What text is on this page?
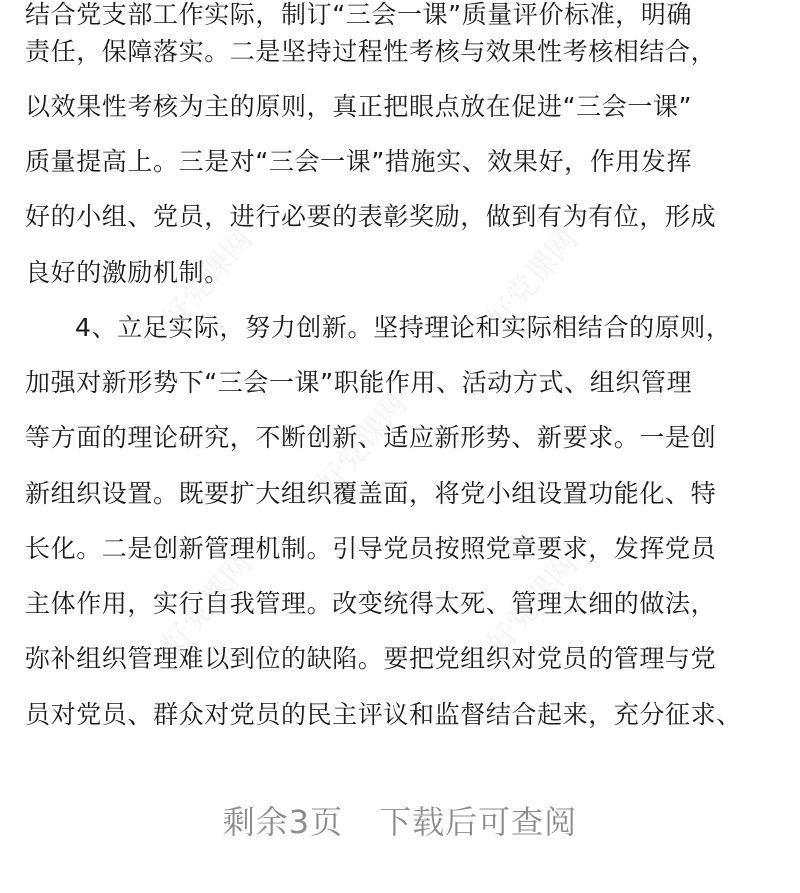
结合党支部工作实际，制订“三会一课”质量评价标准，明确
责任，保障落实。二是坚持过程性考核与效果性考核相结合，
以效果性考核为主的原则，真正把眼点放在促进“三会一课”
质量提高上。三是对“三会一课”措施实、效果好，作用发挥
好的小组、党员，进行必要的表彰奖励，做到有为有位，形成
良好的激励机制。
4、立足实际，努力创新。坚持理论和实际相结合的原则，
加强对新形势下“三会一课”职能作用、活动方式、组织管理
等方面的理论研究，不断创新、适应新形势、新要求。一是创
新组织设置。既要扩大组织覆盖面，将党小组设置功能化、特
长化。二是创新管理机制。引导党员按照党章要求，发挥党员
主体作用，实行自我管理。改变统得太死、管理太细的做法，
弥补组织管理难以到位的缺陷。要把党组织对党员的管理与党
员对党员、群众对党员的民主评议和监督结合起来，充分征求、
剩余3页 下载后可查阅
